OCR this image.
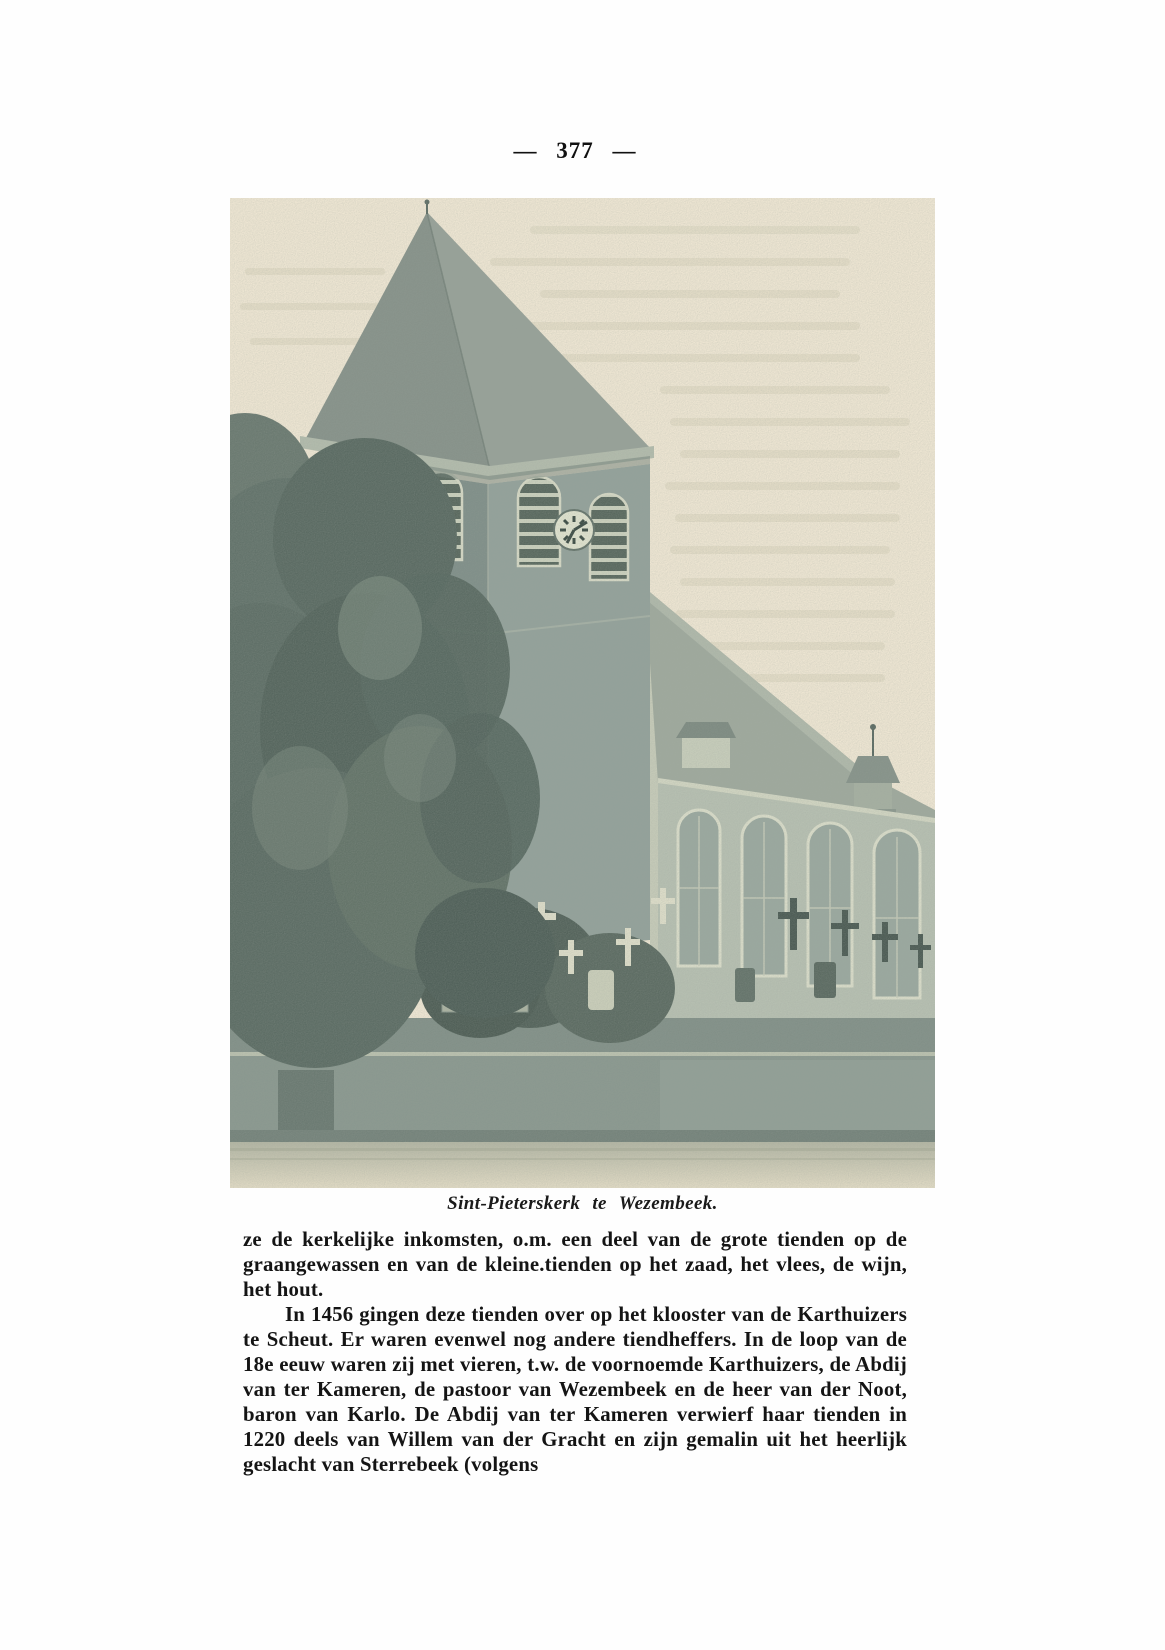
— 377 —
Sint-Pieterskerk te Wezembeek.

ze de kerkelijke inkomsten, o.m. een deel van de grote tienden op de graangewassen en van de kleine.tienden op het zaad, het vlees, de wijn, het hout.

In 1456 gingen deze tienden over op het klooster van de Karthuizers te Scheut. Er waren evenwel nog andere tiendheffers. In de loop van de 18e eeuw waren zij met vieren, t.w. de voornoemde Karthuizers, de Abdij van ter Kameren, de pastoor van Wezembeek en de heer van der Noot, baron van Karlo. De Abdij van ter Kameren verwierf haar tienden in 1220 deels van Willem van der Gracht en zijn gemalin uit het heerlijk geslacht van Sterrebeek (volgens
